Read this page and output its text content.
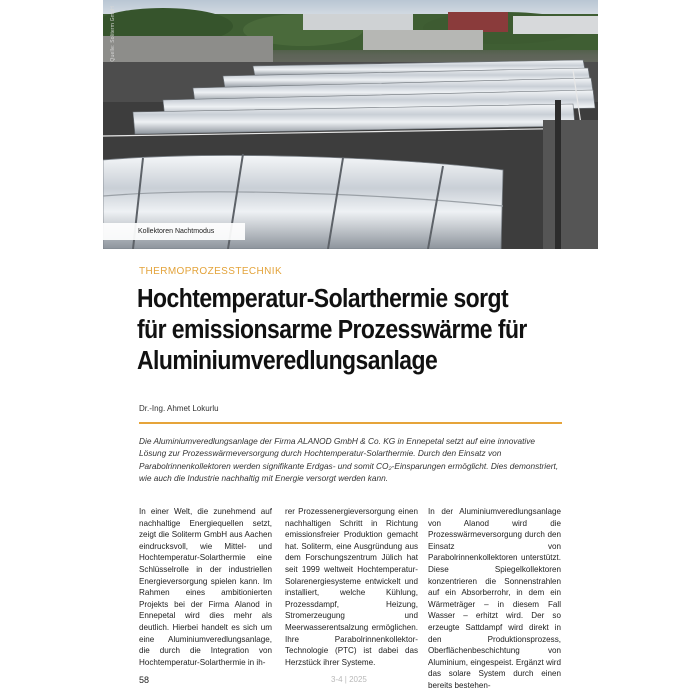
Quelle: Soliterm GmbH
Kollektoren Nachtmodus
THERMOPROZESSTECHNIK
Hochtemperatur-Solarthermie sorgt für emissionsarme Prozesswärme für Aluminiumveredlungsanlage
Dr.-Ing. Ahmet Lokurlu

Die Aluminiumveredlungsanlage der Firma ALANOD GmbH & Co. KG in Ennepetal setzt auf eine innovative Lösung zur Prozesswärmeversorgung durch Hochtemperatur-Solarthermie. Durch den Einsatz von Parabolrinnenkollektoren werden signifikante Erdgas- und somit CO₂-Einsparungen ermöglicht. Dies demonstriert, wie auch die Industrie nachhaltig mit Energie versorgt werden kann.

In einer Welt, die zunehmend auf nachhaltige Energiequellen setzt, zeigt die Soliterm GmbH aus Aachen eindrucksvoll, wie Mittel- und Hochtemperatur-Solarthermie eine Schlüsselrolle in der industriellen Energieversorgung spielen kann. Im Rahmen eines ambitionierten Projekts bei der Firma Alanod in Ennepetal wird dies mehr als deutlich. Hierbei handelt es sich um eine Aluminiumveredlungsanlage, die durch die Integration von Hochtemperatur-Solarthermie in ih-

rer Prozessenergieversorgung einen nachhaltigen Schritt in Richtung emissionsfreier Produktion gemacht hat. Soliterm, eine Ausgründung aus dem Forschungszentrum Jülich hat seit 1999 weltweit Hochtemperatur-Solarenergiesysteme entwickelt und installiert, welche Kühlung, Prozessdampf, Heizung, Stromerzeugung und Meerwasserentsalzung ermöglichen. Ihre Parabolrinnenkollektor-Technologie (PTC) ist dabei das Herzstück ihrer Systeme.

In der Aluminiumveredlungsanlage von Alanod wird die Prozesswärmeversorgung durch den Einsatz von Parabolrinnenkollektoren unterstützt. Diese Spiegelkollektoren konzentrieren die Sonnenstrahlen auf ein Absorberrohr, in dem ein Wärmeträger – in diesem Fall Wasser – erhitzt wird. Der so erzeugte Sattdampf wird direkt in den Produktionsprozess, Oberflächenbeschichtung von Aluminium, eingespeist. Ergänzt wird das solare System durch einen bereits bestehen-

58	3-4 | 2025
